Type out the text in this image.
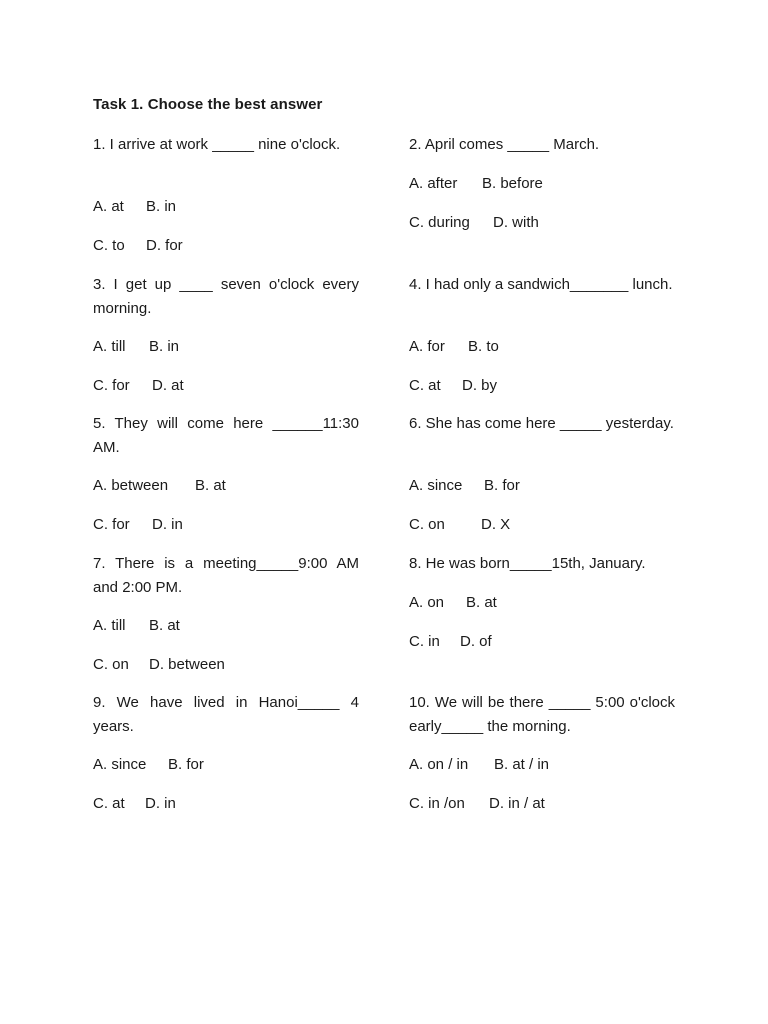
Task 1. Choose the best answer

1. I arrive at work _____ nine o'clock.

A. at B. in
C. to D. for

2. April comes _____ March.

A. after B. before
C. during D. with

3. I get up ____ seven o'clock every morning.

A. till B. in
C. for D. at

4. I had only a sandwich_______ lunch.

A. for B. to
C. at D. by

5. They will come here ______11:30 AM.

A. between B. at
C. for D. in

6. She has come here _____ yesterday.

A. since B. for
C. on D. X

7. There is a meeting_____9:00 AM and 2:00 PM.

A. till B. at
C. on D. between

8. He was born_____15th, January.

A. on B. at
C. in D. of

9. We have lived in Hanoi_____ 4 years.

A. since B. for
C. at D. in

10. We will be there _____ 5:00 o'clock early_____ the morning.

A. on / in B. at / in
C. in /on D. in / at
